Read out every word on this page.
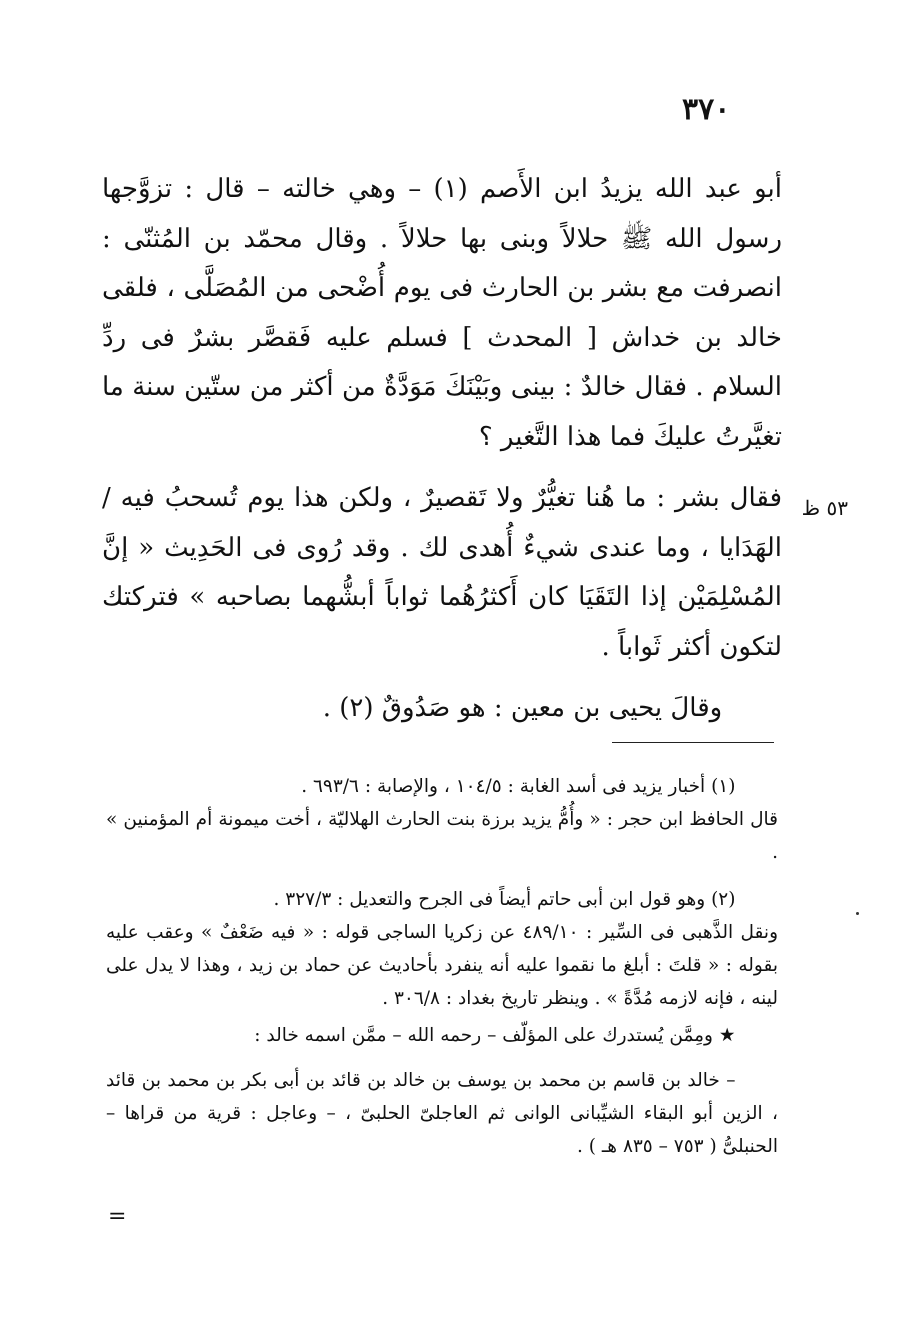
٣٧٠

أبو عبد الله يزيدُ ابن الأَصم (١) – وهي خالته – قال : تزوَّجها رسول الله ﷺ حلالاً وبنى بها حلالاً . وقال محمّد بن المُثنّى : انصرفت مع بشر بن الحارث فى يوم أُضْحى من المُصَلَّى ، فلقى خالد بن خداش [ المحدث ] فسلم عليه فَقصَّر بشرٌ فى ردِّ السلام . فقال خالدٌ : بينى وبَيْنَكَ مَوَدَّةٌ من أكثر من ستّين سنة ما تغيَّرتُ عليكَ فما هذا التَّغير ؟

فقال بشر : ما هُنا تغيُّرٌ ولا تَقصيرٌ ، ولكن هذا يوم تُسحبُ فيه / الهَدَايا ، وما عندى شيءٌ أُهدى لك . وقد رُوى فى الحَدِيث « إنَّ المُسْلِمَيْن إذا التَقَيَا كان أَكثرُهُما ثواباً أبشُّهما بصاحبه » فتركتك لتكون أكثر ثَواباً .

وقالَ يحيى بن معين : هو صَدُوقٌ (٢) .

٥٣ ظ

(١) أخبار يزيد فى أسد الغابة : ١٠٤/٥ ، والإصابة : ٦٩٣/٦ .

قال الحافظ ابن حجر : « وأُمُّ يزيد برزة بنت الحارث الهلاليّة ، أخت ميمونة أم المؤمنين » .

(٢) وهو قول ابن أبى حاتم أيضاً فى الجرح والتعديل : ٣٢٧/٣ .

ونقل الذَّهبى فى السِّير : ٤٨٩/١٠ عن زكريا الساجى قوله : « فيه ضَعْفٌ » وعقب عليه بقوله : « قلتَ : أبلغ ما نقموا عليه أنه ينفرد بأحاديث عن حماد بن زيد ، وهذا لا يدل على لينه ، فإنه لازمه مُدَّةً » . وينظر تاريخ بغداد : ٣٠٦/٨ .

★ ومِمَّن يُستدرك على المؤلّف – رحمه الله – ممَّن اسمه خالد :

– خالد بن قاسم بن محمد بن يوسف بن خالد بن قائد بن أبى بكر بن محمد بن قائد ، الزين أبو البقاء الشيِّبانى الوانى ثم العاجلىّ الحلبىّ ، – وعاجل : قرية من قراها – الحنبلىُّ ( ٧٥٣ – ٨٣٥ هـ ) .

=
